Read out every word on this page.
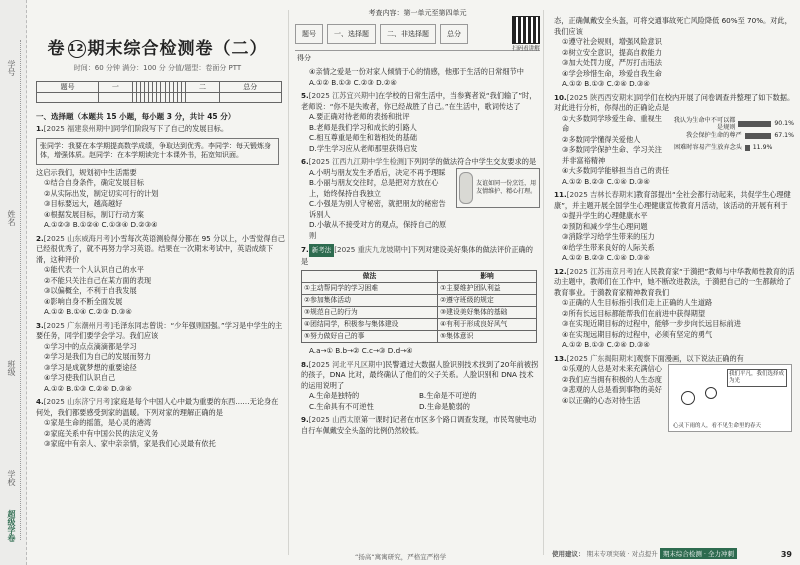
学号
姓名
班级
学校
超级学卷
卷 12 期末综合检测卷（二）
时间：60 分钟 满分：100 分 分值/题型：卷面分 PTT
题号	一														二	总分

一、选择题（本题共 15 小题，每小题 3 分，共计 45 分）
1.[2025 福建泉州期中]同学们阶段写下了自己的发展目标。
张同学：我要在本学期提高数学成绩，争取达到优秀。李同学：每天锻炼身体，增强体质。赵同学：在本学期读完十本课外书，拓宽知识面。
这启示我们，规划初中生活需要
①结合自身条件，确定发展目标
②从实际出发，制定切实可行的计划
③目标要远大，越高越好
④根据发展目标，制订行动方案
A.①②③ B.①②④ C.①③④ D.②③④
2.[2025 山东威海月考]小雪每次英语测验得分都在 95 分以上，小雪觉得自己已经很优秀了，就不再努力学习英语。结果在一次期末考试中，英语成绩下滑，这种评价
①能代表一个人认识自己的水平
②不能只关注自己在某方面的表现
③以偏概全，不利于自我发展
④影响自身不断全面发展
A.①② B.①④ C.②③ D.③④
3.[2025 广东潮州月考]毛泽东同志曾说：“少年强则国强。”学习是中学生的主要任务，同学们要学会学习。我们应该
①学习中的点点滴滴都是学习
②学习是我们为自己的发展而努力
③学习是成就梦想的重要途径
④学习使我们认识自己
A.①② B.①③ C.②④ D.③④
4.[2025 山东济宁月考]家庭是每个中国人心中最为重要的东西……无论身在何处，我们都要感受到家的温暖。下列对家的理解正确的是
①家是生命的摇篮，是心灵的港湾
②家庭关系中有中国公民的法定义务
③家庭中有亲人、家中亲亲情，家是我们心灵最有依托
考查内容：第一单元至第四单元
题号	一、选择题	二、非选择题	总分
扫码看讲解
得分
④亲情之爱是一份对家人倾情于心的情感，他那于生活的日常细节中
A.①② B.①③ C.②③ D.②④
5.[2025 江苏宜兴期中]在学校的日常生活中，当参赛者说“我们输了”时，老师说：“你不是失败者，你已经战胜了自己。”在生活中，歌词传达了
A.要正确对待老师的表扬和批评
B.老师是我们学习和成长的引路人
C.相互尊重是师生和谐相处的基础
D.学生学习应从老师那里获得启发
6.[2025 江西九江期中学生检测]下列同学的做法符合中学生交友要求的是
A.小明与朋友发生矛盾后，决定不再予理睬
B.小丽与朋友交往时，总是把对方放在心上，始终保持自我独立
C.小强是为别人守秘密，就把朋友的秘密告诉别人
D.小敏从不接受对方的观点，保持自己的原则
友谊如同一份烹饪，用友情维护、精心打理。
7. 新考法 [2025 重庆九龙坡期中]下列对建设美好集体的做法评价正确的是
做法	影响
①主动帮同学的学习困难	①主要维护团队利益
②参加集体活动	②遵守班级的规定
③规范自己的行为	③建设美好集体的基础
④团结同学，积极参与集体建设	④有利于形成良好风气
⑤努力做好自己的事	⑤集体意识
A.a→① B.b→② C.c→③ D.d→④
8.[2025 河北平凡区期中]民警通过大数据人脸识别技术找到了20年前被拐的孩子，DNA 比对，最终确认了他们的父子关系。人脸识别和 DNA 技术的运用说明了
A.生命是独特的	B.生命是不可逆的
C.生命具有不可逆性	D.生命是脆弱的
9.[2025 山西太原第一课时]记者在市区多个路口调查发现，市民驾驶电动自行车佩戴安全头盔的比例仍然较低。
“扬高“寓寓研究，严格宜严格学
态，正确佩戴安全头盔，可将交通事故死亡风险降低 60%至 70%。对此，我们应该
①遵守社会规则，增强风险意识
②树立安全意识，提高自救能力
③加大处罚力度，严厉打击违法
④学会珍惜生命，珍爱自我生命
A.①② B.①③ C.②④ D.③④
10.[2025 陕西西安期末]同学们在校内开展了问卷调查并整理了如下数据。对此进行分析，你得出的正确论点是
①大多数同学珍爱生命、重视生命
②多数同学懂得关爱他人
③多数同学保护生命、学习关注并非富裕精神
我认为生命中不可以都是规则	90.1%
我会保护生命的尊严	67.1%
困难时容易产生放弃念头	11.9%
④大多数同学能够担当自己的责任
A.①② B.②③ C.①④ D.③④
11.[2025 吉林长春期末]教育部提出“全社会都行动起来，共促学生心理健康”，并主题开展全国学生心理健康宣传教育月活动，该活动的开展有利于
①提升学生的心理健康水平
②预防和减少学生心理问题
③消除学习给学生带来的压力
④给学生带来良好的人际关系
A.①② B.②③ C.①④ D.③④
12.[2025 江苏南京月考]在人民教育家“于漪把”教师与中华教师性教育的活动主题中，教师们在工作中，她不断改进教法，于漪把自己的一生都献给了教育事业。于漪教育家精神教育我们
①正确的人生目标指引我们走上正确的人生道路
②所有长远目标都能帮我们在前进中获得期望
③在实现近期目标的过程中，能够一步步向长远目标前进
④在实现远期目标的过程中，必须有坚定的勇气
A.①② B.①③ C.②④ D.③④
13.[2025 广东揭阳期末]观察下面漫画，以下说法正确的有
①乐观的人总是对未来充满信心
②我们应当拥有积极的人生态度
③悲观的人总是看到事物的美好
④以正确的心态对待生活
我们平凡，我们选择成为光
心灵下雨的人，看不见生命里的春天
使用建议： 期末专项突破 · 对点提升 期末综合检测 · 全力冲刺	39
